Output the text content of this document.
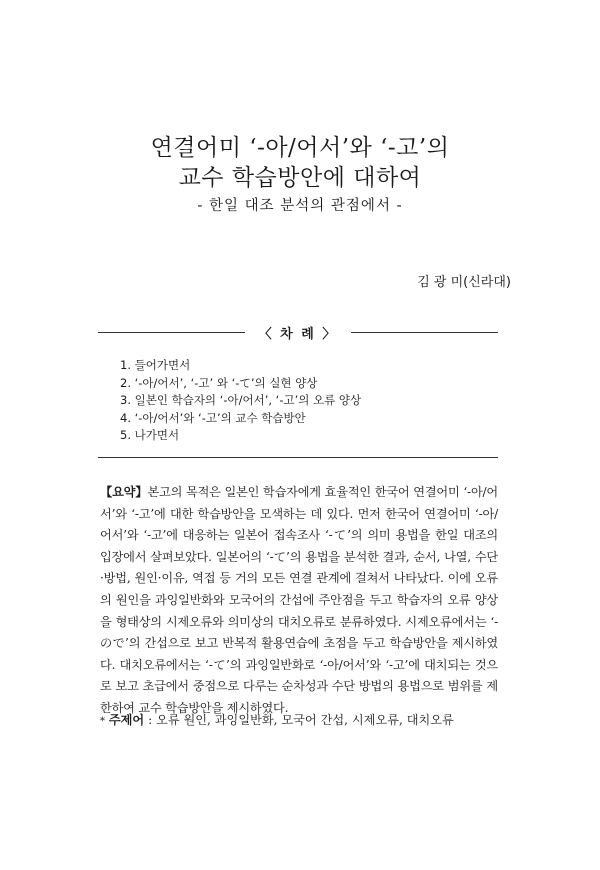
연결어미 ‘-아/어서’와 ‘-고’의
교수 학습방안에 대하여
- 한일 대조 분석의 관점에서 -
김 광 미(신라대)
〈 차 례 〉
1. 들어가면서
2. ‘-아/어서’, ‘-고’ 와 ‘-て’의 실현 양상
3. 일본인 학습자의 ‘-아/어서’, ‘-고’의 오류 양상
4. ‘-아/어서’와 ‘-고’의 교수 학습방안
5. 나가면서

【요약】본고의 목적은 일본인 학습자에게 효율적인 한국어 연결어미 ‘-아/어서’와 ‘-고’에 대한 학습방안을 모색하는 데 있다. 먼저 한국어 연결어미 ‘-아/어서’와 ‘-고’에 대응하는 일본어 접속조사 ‘-て’의 의미 용법을 한일 대조의 입장에서 살펴보았다. 일본어의 ‘-て’의 용법을 분석한 결과, 순서, 나열, 수단·방법, 원인·이유, 역접 등 거의 모든 연결 관계에 걸쳐서 나타났다. 이에 오류의 원인을 과잉일반화와 모국어의 간섭에 주안점을 두고 학습자의 오류 양상을 형태상의 시제오류와 의미상의 대치오류로 분류하였다. 시제오류에서는 ‘-ので’의 간섭으로 보고 반복적 활용연습에 초점을 두고 학습방안을 제시하였다. 대치오류에서는 ‘-て’의 과잉일반화로 ‘-아/어서’와 ‘-고’에 대치되는 것으로 보고 초급에서 중점으로 다루는 순차성과 수단 방법의 용법으로 범위를 제한하여 교수 학습방안을 제시하였다.

* 주제어 : 오류 원인, 과잉일반화, 모국어 간섭, 시제오류, 대치오류
